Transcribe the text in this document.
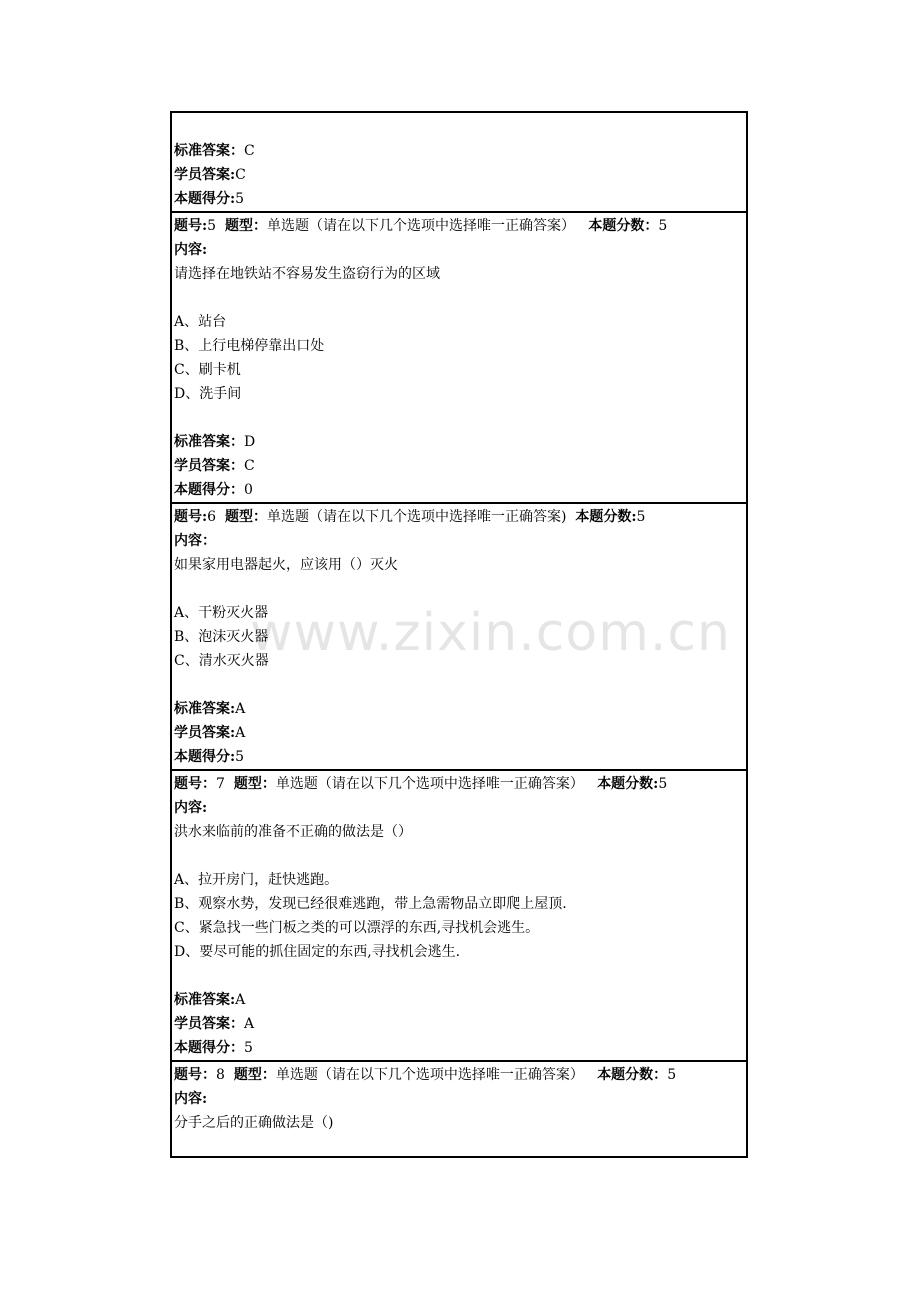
标准答案：C
学员答案:C
本题得分:5
题号:5 题型：单选题（请在以下几个选项中选择唯一正确答案） 本题分数：5
内容:
请选择在地铁站不容易发生盗窃行为的区域
A、站台
B、上行电梯停靠出口处
C、刷卡机
D、洗手间
标准答案：D
学员答案：C
本题得分：0
题号:6 题型：单选题（请在以下几个选项中选择唯一正确答案) 本题分数:5
内容：
如果家用电器起火，应该用（）灭火
A、干粉灭火器
B、泡沫灭火器
C、清水灭火器
标准答案:A
学员答案:A
本题得分:5
题号：7 题型：单选题（请在以下几个选项中选择唯一正确答案） 本题分数:5
内容:
洪水来临前的准备不正确的做法是（）
A、拉开房门，赶快逃跑。
B、观察水势，发现已经很难逃跑，带上急需物品立即爬上屋顶.
C、紧急找一些门板之类的可以漂浮的东西,寻找机会逃生。
D、要尽可能的抓住固定的东西,寻找机会逃生.
标准答案:A
学员答案：A
本题得分：5
题号：8 题型：单选题（请在以下几个选项中选择唯一正确答案） 本题分数：5
内容:
分手之后的正确做法是（)
www.zixin.com.cn
